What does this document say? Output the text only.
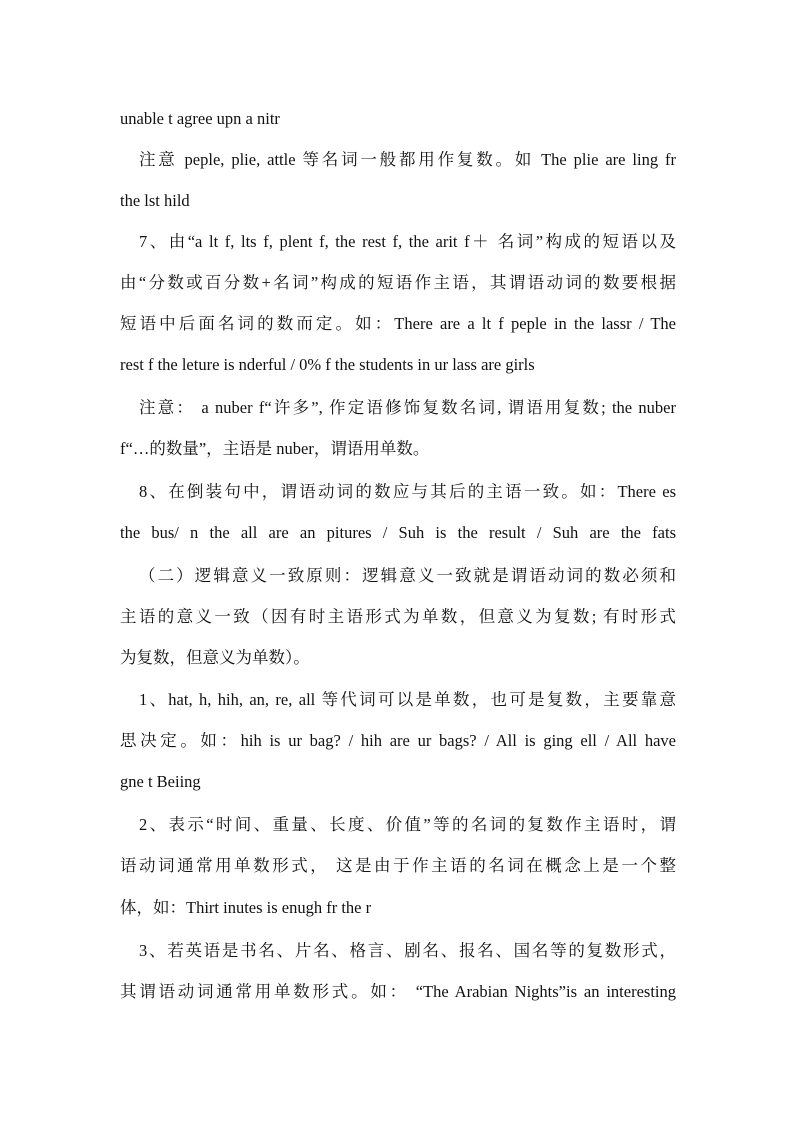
unable t agree upn a nitr
注意 peple, plie, attle 等名词一般都用作复数。如 The plie are ling fr
the lst hild
7、由“a lt f, lts f, plent f, the rest f, the arit f＋ 名词”构成的短语以及
由“分数或百分数+名词”构成的短语作主语，其谓语动词的数要根据
短语中后面名词的数而定。如：There are a lt f peple in the lassr / The
rest f the leture is nderful / 0% f the students in ur lass are girls
注意： a nuber f“许多”, 作定语修饰复数名词, 谓语用复数; the nuber
f“…的数量”，主语是 nuber，谓语用单数。
8、在倒装句中，谓语动词的数应与其后的主语一致。如：There es
the bus/ n the all are an pitures / Suh is the result / Suh are the fats
（二）逻辑意义一致原则：逻辑意义一致就是谓语动词的数必须和
主语的意义一致（因有时主语形式为单数，但意义为复数; 有时形式
为复数，但意义为单数）。
1、hat, h, hih, an, re, all 等代词可以是单数，也可是复数，主要靠意
思决定。如：hih is ur bag? / hih are ur bags? / All is ging ell / All have
gne t Beiing
2、表示“时间、重量、长度、价值”等的名词的复数作主语时，谓
语动词通常用单数形式， 这是由于作主语的名词在概念上是一个整
体，如：Thirt inutes is enugh fr the r
3、若英语是书名、片名、格言、剧名、报名、国名等的复数形式，
其谓语动词通常用单数形式。如： “The Arabian Nights”is an interesting
